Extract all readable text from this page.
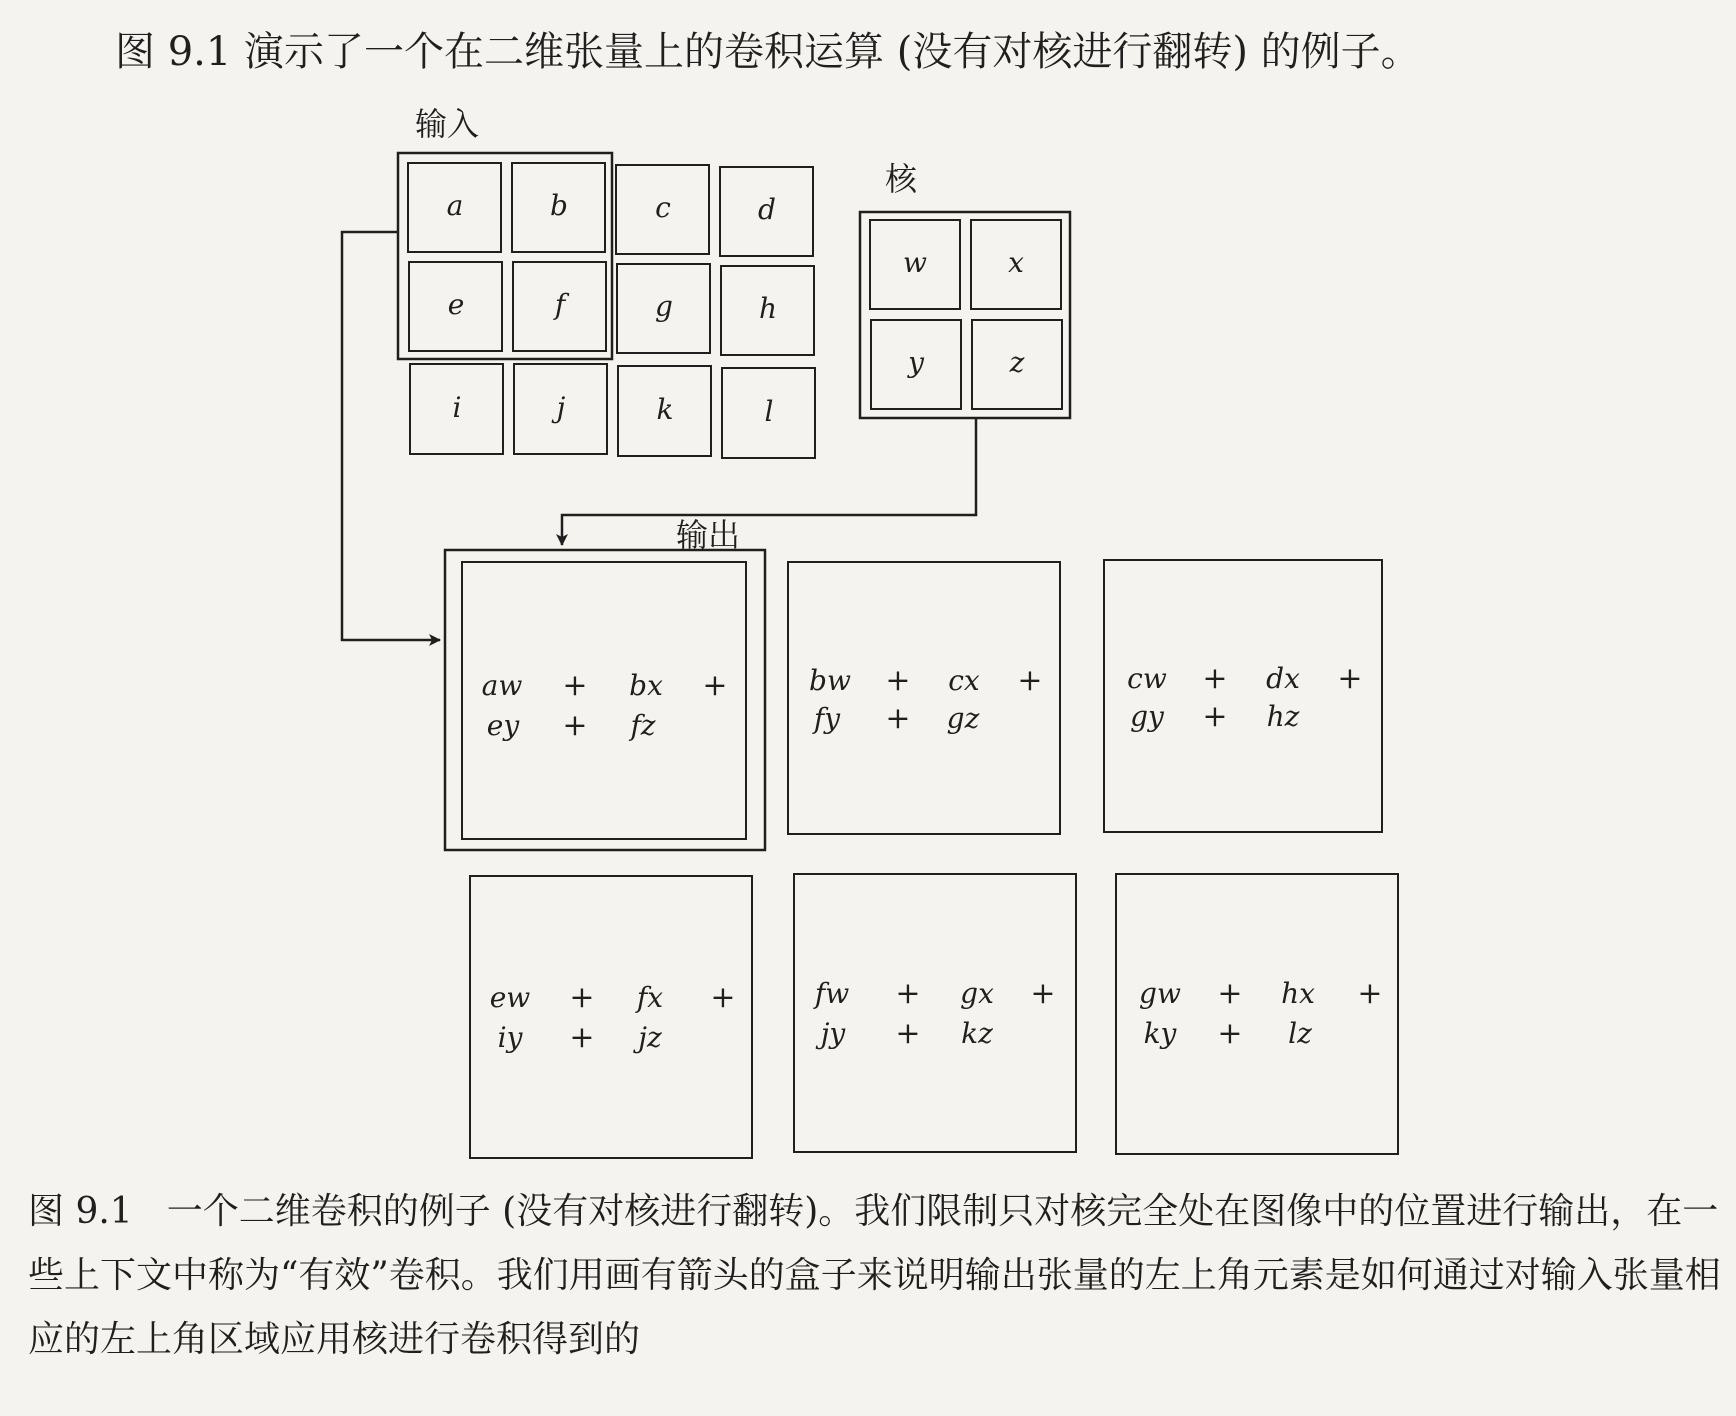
图 9.1 演示了一个在二维张量上的卷积运算 (没有对核进行翻转) 的例子。

输入
核
输出
a	b	c	d
e	f	g	h
i	j	k	l
w	x
y	z
aw + bx +
ey + fz
bw + cx +
fy + gz
cw + dx +
gy + hz
ew + fx +
iy + jz
fw + gx +
jy + kz
gw + hx +
ky + lz

图 9.1 一个二维卷积的例子 (没有对核进行翻转)。我们限制只对核完全处在图像中的位置进行输出，在一些上下文中称为“有效”卷积。我们用画有箭头的盒子来说明输出张量的左上角元素是如何通过对输入张量相应的左上角区域应用核进行卷积得到的
